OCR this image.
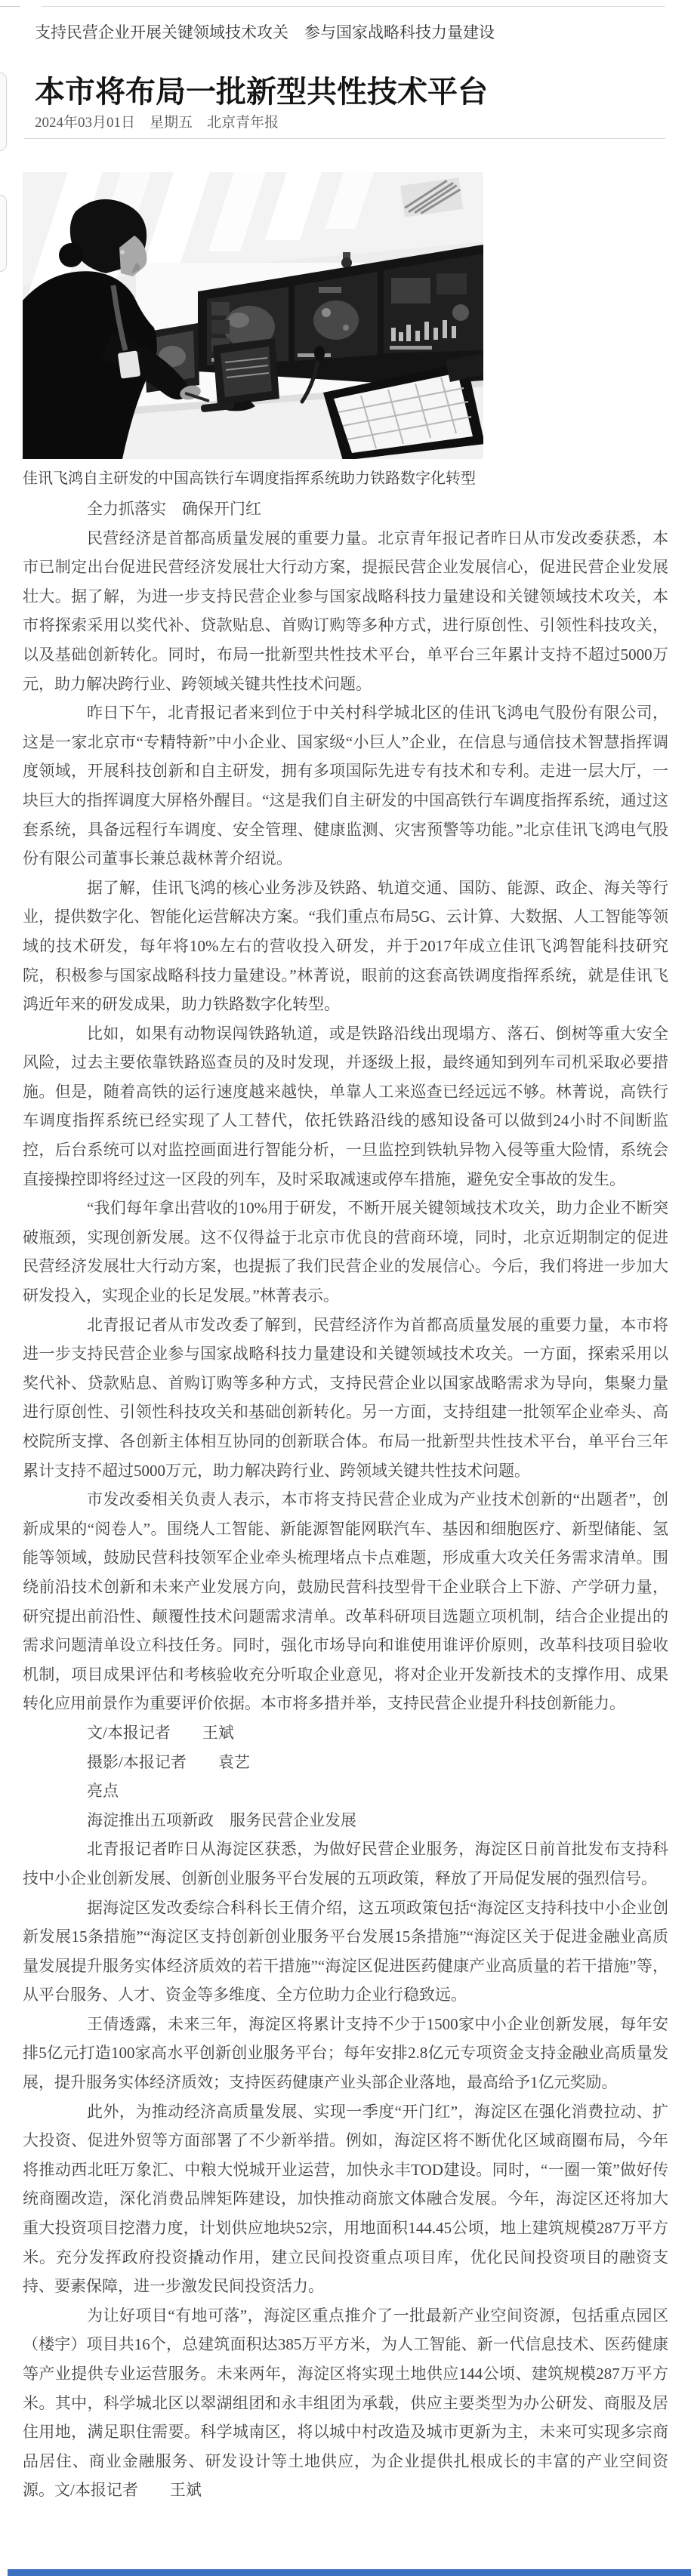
支持民营企业开展关键领域技术攻关　参与国家战略科技力量建设
本市将布局一批新型共性技术平台
2024年03月01日　星期五　北京青年报
佳讯飞鸿自主研发的中国高铁行车调度指挥系统助力铁路数字化转型

全力抓落实　确保开门红

民营经济是首都高质量发展的重要力量。北京青年报记者昨日从市发改委获悉，本市已制定出台促进民营经济发展壮大行动方案，提振民营企业发展信心，促进民营企业发展壮大。据了解，为进一步支持民营企业参与国家战略科技力量建设和关键领域技术攻关，本市将探索采用以奖代补、贷款贴息、首购订购等多种方式，进行原创性、引领性科技攻关，以及基础创新转化。同时，布局一批新型共性技术平台，单平台三年累计支持不超过5000万元，助力解决跨行业、跨领域关键共性技术问题。

昨日下午，北青报记者来到位于中关村科学城北区的佳讯飞鸿电气股份有限公司，这是一家北京市“专精特新”中小企业、国家级“小巨人”企业，在信息与通信技术智慧指挥调度领域，开展科技创新和自主研发，拥有多项国际先进专有技术和专利。走进一层大厅，一块巨大的指挥调度大屏格外醒目。“这是我们自主研发的中国高铁行车调度指挥系统，通过这套系统，具备远程行车调度、安全管理、健康监测、灾害预警等功能。”北京佳讯飞鸿电气股份有限公司董事长兼总裁林菁介绍说。

据了解，佳讯飞鸿的核心业务涉及铁路、轨道交通、国防、能源、政企、海关等行业，提供数字化、智能化运营解决方案。“我们重点布局5G、云计算、大数据、人工智能等领域的技术研发，每年将10%左右的营收投入研发，并于2017年成立佳讯飞鸿智能科技研究院，积极参与国家战略科技力量建设。”林菁说，眼前的这套高铁调度指挥系统，就是佳讯飞鸿近年来的研发成果，助力铁路数字化转型。

比如，如果有动物误闯铁路轨道，或是铁路沿线出现塌方、落石、倒树等重大安全风险，过去主要依靠铁路巡查员的及时发现，并逐级上报，最终通知到列车司机采取必要措施。但是，随着高铁的运行速度越来越快，单靠人工来巡查已经远远不够。林菁说，高铁行车调度指挥系统已经实现了人工替代，依托铁路沿线的感知设备可以做到24小时不间断监控，后台系统可以对监控画面进行智能分析，一旦监控到铁轨异物入侵等重大险情，系统会直接操控即将经过这一区段的列车，及时采取减速或停车措施，避免安全事故的发生。

“我们每年拿出营收的10%用于研发，不断开展关键领域技术攻关，助力企业不断突破瓶颈，实现创新发展。这不仅得益于北京市优良的营商环境，同时，北京近期制定的促进民营经济发展壮大行动方案，也提振了我们民营企业的发展信心。今后，我们将进一步加大研发投入，实现企业的长足发展。”林菁表示。

北青报记者从市发改委了解到，民营经济作为首都高质量发展的重要力量，本市将进一步支持民营企业参与国家战略科技力量建设和关键领域技术攻关。一方面，探索采用以奖代补、贷款贴息、首购订购等多种方式，支持民营企业以国家战略需求为导向，集聚力量进行原创性、引领性科技攻关和基础创新转化。另一方面，支持组建一批领军企业牵头、高校院所支撑、各创新主体相互协同的创新联合体。布局一批新型共性技术平台，单平台三年累计支持不超过5000万元，助力解决跨行业、跨领域关键共性技术问题。

市发改委相关负责人表示，本市将支持民营企业成为产业技术创新的“出题者”，创新成果的“阅卷人”。围绕人工智能、新能源智能网联汽车、基因和细胞医疗、新型储能、氢能等领域，鼓励民营科技领军企业牵头梳理堵点卡点难题，形成重大攻关任务需求清单。围绕前沿技术创新和未来产业发展方向，鼓励民营科技型骨干企业联合上下游、产学研力量，研究提出前沿性、颠覆性技术问题需求清单。改革科研项目选题立项机制，结合企业提出的需求问题清单设立科技任务。同时，强化市场导向和谁使用谁评价原则，改革科技项目验收机制，项目成果评估和考核验收充分听取企业意见，将对企业开发新技术的支撑作用、成果转化应用前景作为重要评价依据。本市将多措并举，支持民营企业提升科技创新能力。

文/本报记者　　王斌

摄影/本报记者　　袁艺

亮点

海淀推出五项新政　服务民营企业发展

北青报记者昨日从海淀区获悉，为做好民营企业服务，海淀区日前首批发布支持科技中小企业创新发展、创新创业服务平台发展的五项政策，释放了开局促发展的强烈信号。

据海淀区发改委综合科科长王倩介绍，这五项政策包括“海淀区支持科技中小企业创新发展15条措施”“海淀区支持创新创业服务平台发展15条措施”“海淀区关于促进金融业高质量发展提升服务实体经济质效的若干措施”“海淀区促进医药健康产业高质量的若干措施”等，从平台服务、人才、资金等多维度、全方位助力企业行稳致远。

王倩透露，未来三年，海淀区将累计支持不少于1500家中小企业创新发展，每年安排5亿元打造100家高水平创新创业服务平台；每年安排2.8亿元专项资金支持金融业高质量发展，提升服务实体经济质效；支持医药健康产业头部企业落地，最高给予1亿元奖励。

此外，为推动经济高质量发展、实现一季度“开门红”，海淀区在强化消费拉动、扩大投资、促进外贸等方面部署了不少新举措。例如，海淀区将不断优化区域商圈布局，今年将推动西北旺万象汇、中粮大悦城开业运营，加快永丰TOD建设。同时，“一圈一策”做好传统商圈改造，深化消费品牌矩阵建设，加快推动商旅文体融合发展。今年，海淀区还将加大重大投资项目挖潜力度，计划供应地块52宗，用地面积144.45公顷，地上建筑规模287万平方米。充分发挥政府投资撬动作用，建立民间投资重点项目库，优化民间投资项目的融资支持、要素保障，进一步激发民间投资活力。

为让好项目“有地可落”，海淀区重点推介了一批最新产业空间资源，包括重点园区（楼宇）项目共16个，总建筑面积达385万平方米，为人工智能、新一代信息技术、医药健康等产业提供专业运营服务。未来两年，海淀区将实现土地供应144公顷、建筑规模287万平方米。其中，科学城北区以翠湖组团和永丰组团为承载，供应主要类型为办公研发、商服及居住用地，满足职住需要。科学城南区，将以城中村改造及城市更新为主，未来可实现多宗商品居住、商业金融服务、研发设计等土地供应，为企业提供扎根成长的丰富的产业空间资源。文/本报记者　　王斌
